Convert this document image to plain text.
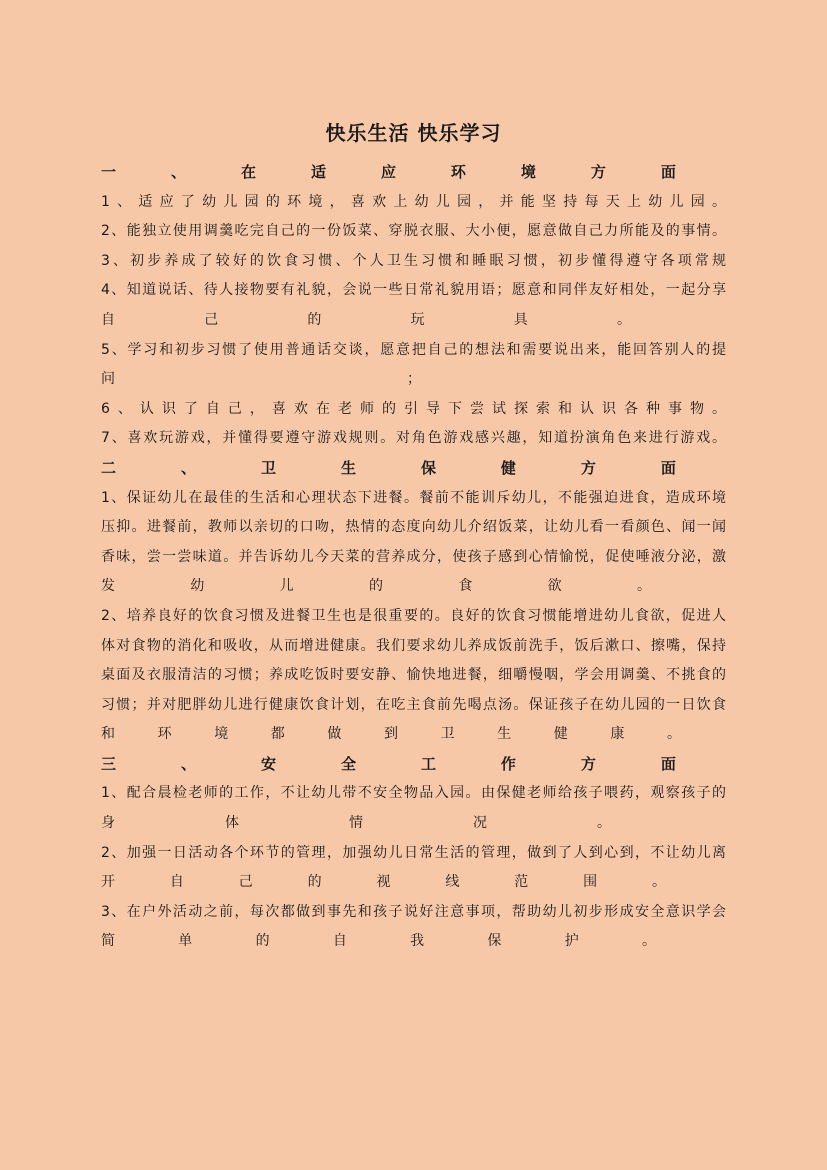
快乐生活 快乐学习
一	、	在	适	应	环	境	方	面
1、适应了幼儿园的环境，喜欢上幼儿园，并能坚持每天上幼儿园。
2、能独立使用调羹吃完自己的一份饭菜、穿脱衣服、大小便，愿意做自己力所能及的事情。
3、初步养成了较好的饮食习惯、个人卫生习惯和睡眠习惯，初步懂得遵守各项常规
4、知道说话、待人接物要有礼貌，会说一些日常礼貌用语；愿意和同伴友好相处，一起分享
自	己	的	玩	具	。
5、学习和初步习惯了使用普通话交谈，愿意把自己的想法和需要说出来，能回答别人的提
问	；
6、认识了自己，喜欢在老师的引导下尝试探索和认识各种事物。
7、喜欢玩游戏，并懂得要遵守游戏规则。对角色游戏感兴趣，知道扮演角色来进行游戏。
二	、	卫	生	保	健	方	面
1、保证幼儿在最佳的生活和心理状态下进餐。餐前不能训斥幼儿，不能强迫进食，造成环境
压抑。进餐前，教师以亲切的口吻，热情的态度向幼儿介绍饭菜，让幼儿看一看颜色、闻一闻
香味，尝一尝味道。并告诉幼儿今天菜的营养成分，使孩子感到心情愉悦，促使唾液分泌，激
发	幼	儿	的	食	欲	。
2、培养良好的饮食习惯及进餐卫生也是很重要的。良好的饮食习惯能增进幼儿食欲，促进人
体对食物的消化和吸收，从而增进健康。我们要求幼儿养成饭前洗手，饭后漱口、擦嘴，保持
桌面及衣服清洁的习惯；养成吃饭时要安静、愉快地进餐，细嚼慢咽，学会用调羹、不挑食的
习惯；并对肥胖幼儿进行健康饮食计划，在吃主食前先喝点汤。保证孩子在幼儿园的一日饮食
和	环	境	都	做	到	卫	生	健	康	。
三	、	安	全	工	作	方	面
1、配合晨检老师的工作，不让幼儿带不安全物品入园。由保健老师给孩子喂药，观察孩子的
身	体	情	况	。
2、加强一日活动各个环节的管理，加强幼儿日常生活的管理，做到了人到心到，不让幼儿离
开	自	己	的	视	线	范	围	。
3、在户外活动之前，每次都做到事先和孩子说好注意事项，帮助幼儿初步形成安全意识学会
简	单	的	自	我	保	护	。
